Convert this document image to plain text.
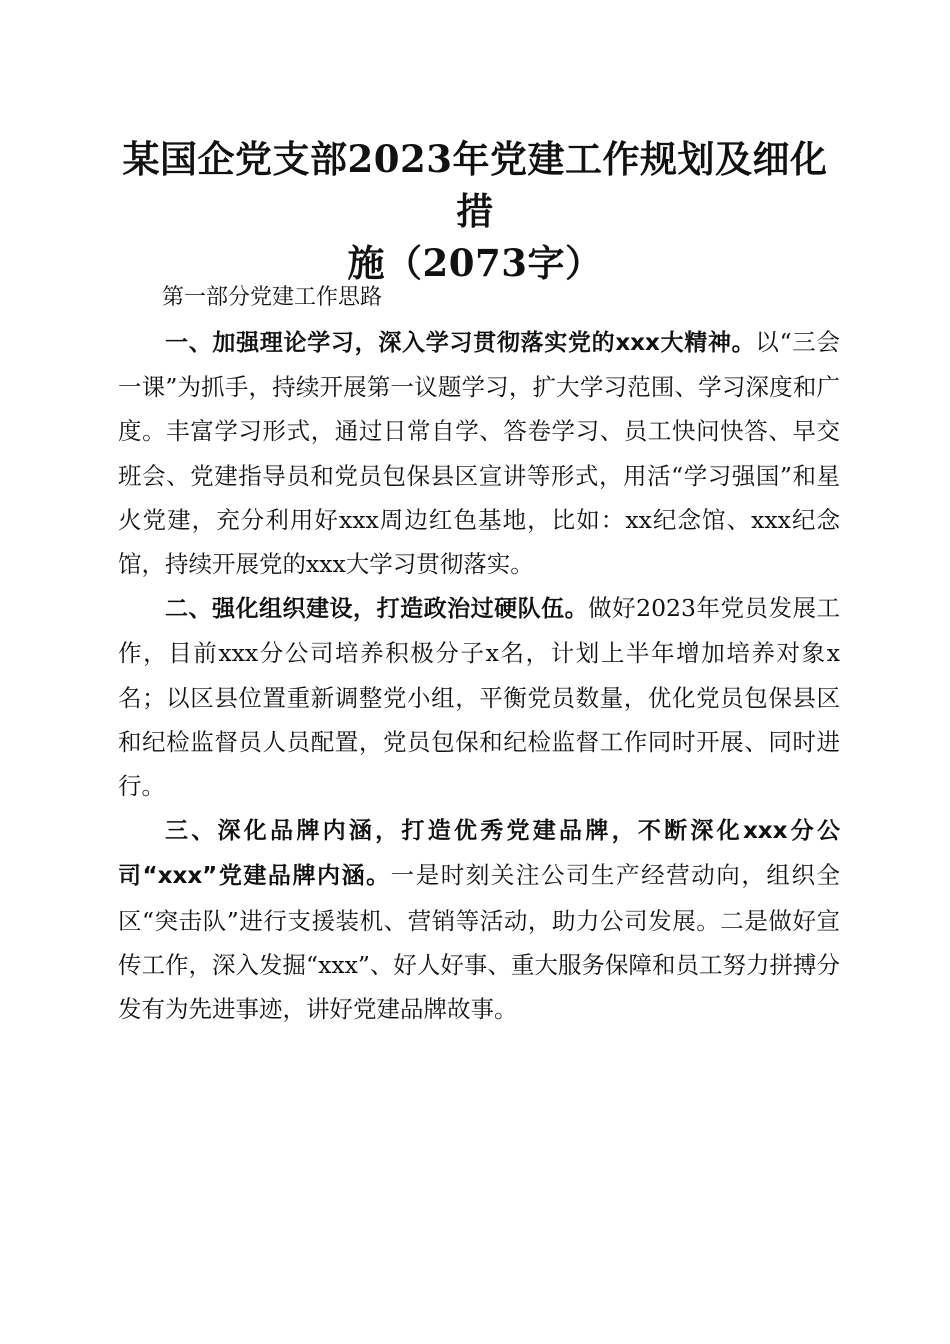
某国企党支部2023年党建工作规划及细化措
施（2073字）

第一部分党建工作思路

一、加强理论学习，深入学习贯彻落实党的xxx大精神。以“三会一课”为抓手，持续开展第一议题学习，扩大学习范围、学习深度和广度。丰富学习形式，通过日常自学、答卷学习、员工快问快答、早交班会、党建指导员和党员包保县区宣讲等形式，用活“学习强国”和星火党建，充分利用好xxx周边红色基地，比如：xx纪念馆、xxx纪念馆，持续开展党的xxx大学习贯彻落实。

二、强化组织建设，打造政治过硬队伍。做好2023年党员发展工作，目前xxx分公司培养积极分子x名，计划上半年增加培养对象x名；以区县位置重新调整党小组，平衡党员数量，优化党员包保县区和纪检监督员人员配置，党员包保和纪检监督工作同时开展、同时进行。

三、深化品牌内涵，打造优秀党建品牌，不断深化xxx分公司“xxx”党建品牌内涵。一是时刻关注公司生产经营动向，组织全区“突击队”进行支援装机、营销等活动，助力公司发展。二是做好宣传工作，深入发掘“xxx”、好人好事、重大服务保障和员工努力拼搏分发有为先进事迹，讲好党建品牌故事。
